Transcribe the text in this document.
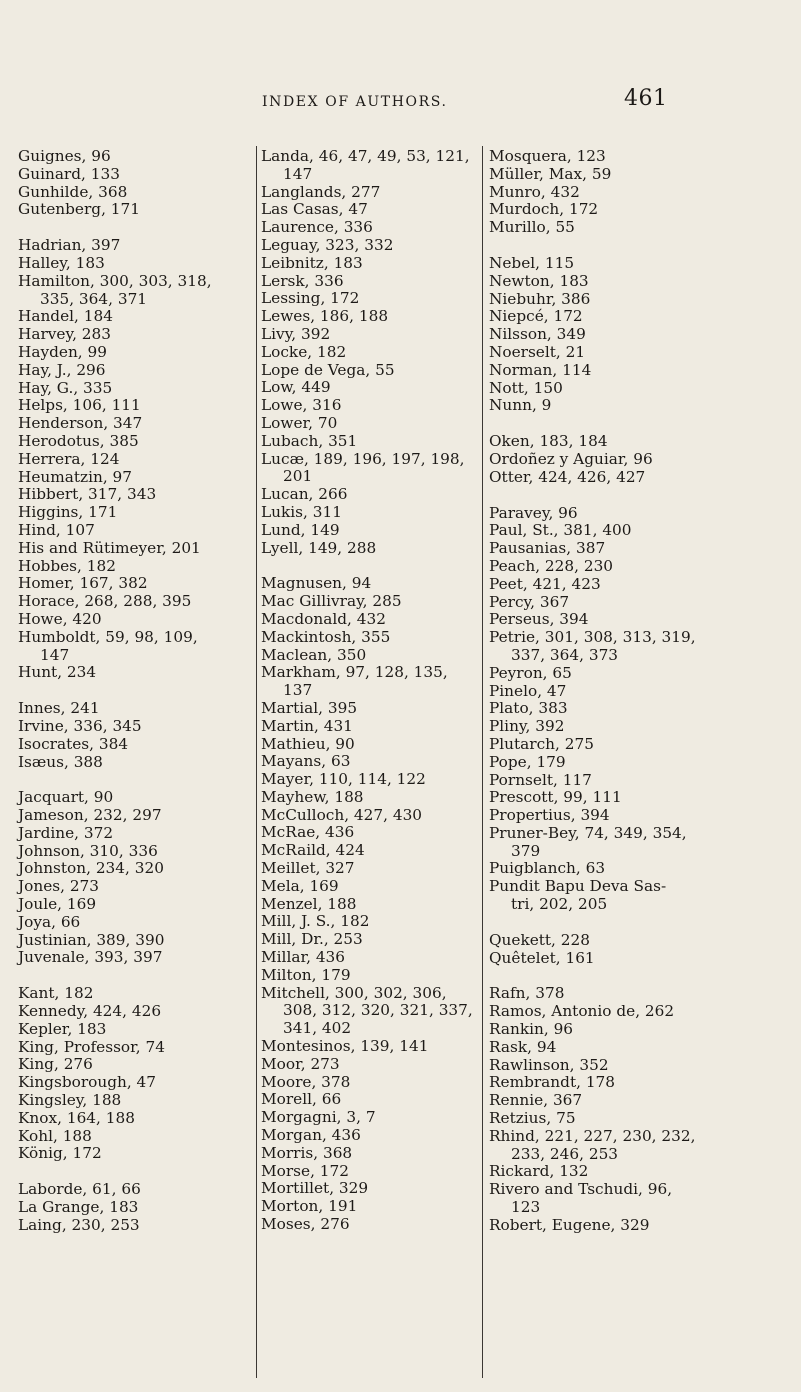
INDEX OF AUTHORS.	461
Guignes, 96
Guinard, 133
Gunhilde, 368
Gutenberg, 171
Hadrian, 397
Halley, 183
Hamilton, 300, 303, 318,
335, 364, 371
Handel, 184
Harvey, 283
Hayden, 99
Hay, J., 296
Hay, G., 335
Helps, 106, 111
Henderson, 347
Herodotus, 385
Herrera, 124
Heumatzin, 97
Hibbert, 317, 343
Higgins, 171
Hind, 107
His and Rütimeyer, 201
Hobbes, 182
Homer, 167, 382
Horace, 268, 288, 395
Howe, 420
Humboldt, 59, 98, 109,
147
Hunt, 234
Innes, 241
Irvine, 336, 345
Isocrates, 384
Isæus, 388
Jacquart, 90
Jameson, 232, 297
Jardine, 372
Johnson, 310, 336
Johnston, 234, 320
Jones, 273
Joule, 169
Joya, 66
Justinian, 389, 390
Juvenale, 393, 397
Kant, 182
Kennedy, 424, 426
Kepler, 183
King, Professor, 74
King, 276
Kingsborough, 47
Kingsley, 188
Knox, 164, 188
Kohl, 188
König, 172
Laborde, 61, 66
La Grange, 183
Laing, 230, 253
Landa, 46, 47, 49, 53, 121,
147
Langlands, 277
Las Casas, 47
Laurence, 336
Leguay, 323, 332
Leibnitz, 183
Lersk, 336
Lessing, 172
Lewes, 186, 188
Livy, 392
Locke, 182
Lope de Vega, 55
Low, 449
Lowe, 316
Lower, 70
Lubach, 351
Lucæ, 189, 196, 197, 198,
201
Lucan, 266
Lukis, 311
Lund, 149
Lyell, 149, 288
Magnusen, 94
Mac Gillivray, 285
Macdonald, 432
Mackintosh, 355
Maclean, 350
Markham, 97, 128, 135,
137
Martial, 395
Martin, 431
Mathieu, 90
Mayans, 63
Mayer, 110, 114, 122
Mayhew, 188
McCulloch, 427, 430
McRae, 436
McRaild, 424
Meillet, 327
Mela, 169
Menzel, 188
Mill, J. S., 182
Mill, Dr., 253
Millar, 436
Milton, 179
Mitchell, 300, 302, 306,
308, 312, 320, 321, 337,
341, 402
Montesinos, 139, 141
Moor, 273
Moore, 378
Morell, 66
Morgagni, 3, 7
Morgan, 436
Morris, 368
Morse, 172
Mortillet, 329
Morton, 191
Moses, 276
Mosquera, 123
Müller, Max, 59
Munro, 432
Murdoch, 172
Murillo, 55
Nebel, 115
Newton, 183
Niebuhr, 386
Niepcé, 172
Nilsson, 349
Noerselt, 21
Norman, 114
Nott, 150
Nunn, 9
Oken, 183, 184
Ordoñez y Aguiar, 96
Otter, 424, 426, 427
Paravey, 96
Paul, St., 381, 400
Pausanias, 387
Peach, 228, 230
Peet, 421, 423
Percy, 367
Perseus, 394
Petrie, 301, 308, 313, 319,
337, 364, 373
Peyron, 65
Pinelo, 47
Plato, 383
Pliny, 392
Plutarch, 275
Pope, 179
Pornselt, 117
Prescott, 99, 111
Propertius, 394
Pruner-Bey, 74, 349, 354,
379
Puigblanch, 63
Pundit Bapu Deva Sas-
tri, 202, 205
Quekett, 228
Quêtelet, 161
Rafn, 378
Ramos, Antonio de, 262
Rankin, 96
Rask, 94
Rawlinson, 352
Rembrandt, 178
Rennie, 367
Retzius, 75
Rhind, 221, 227, 230, 232,
233, 246, 253
Rickard, 132
Rivero and Tschudi, 96,
123
Robert, Eugene, 329
